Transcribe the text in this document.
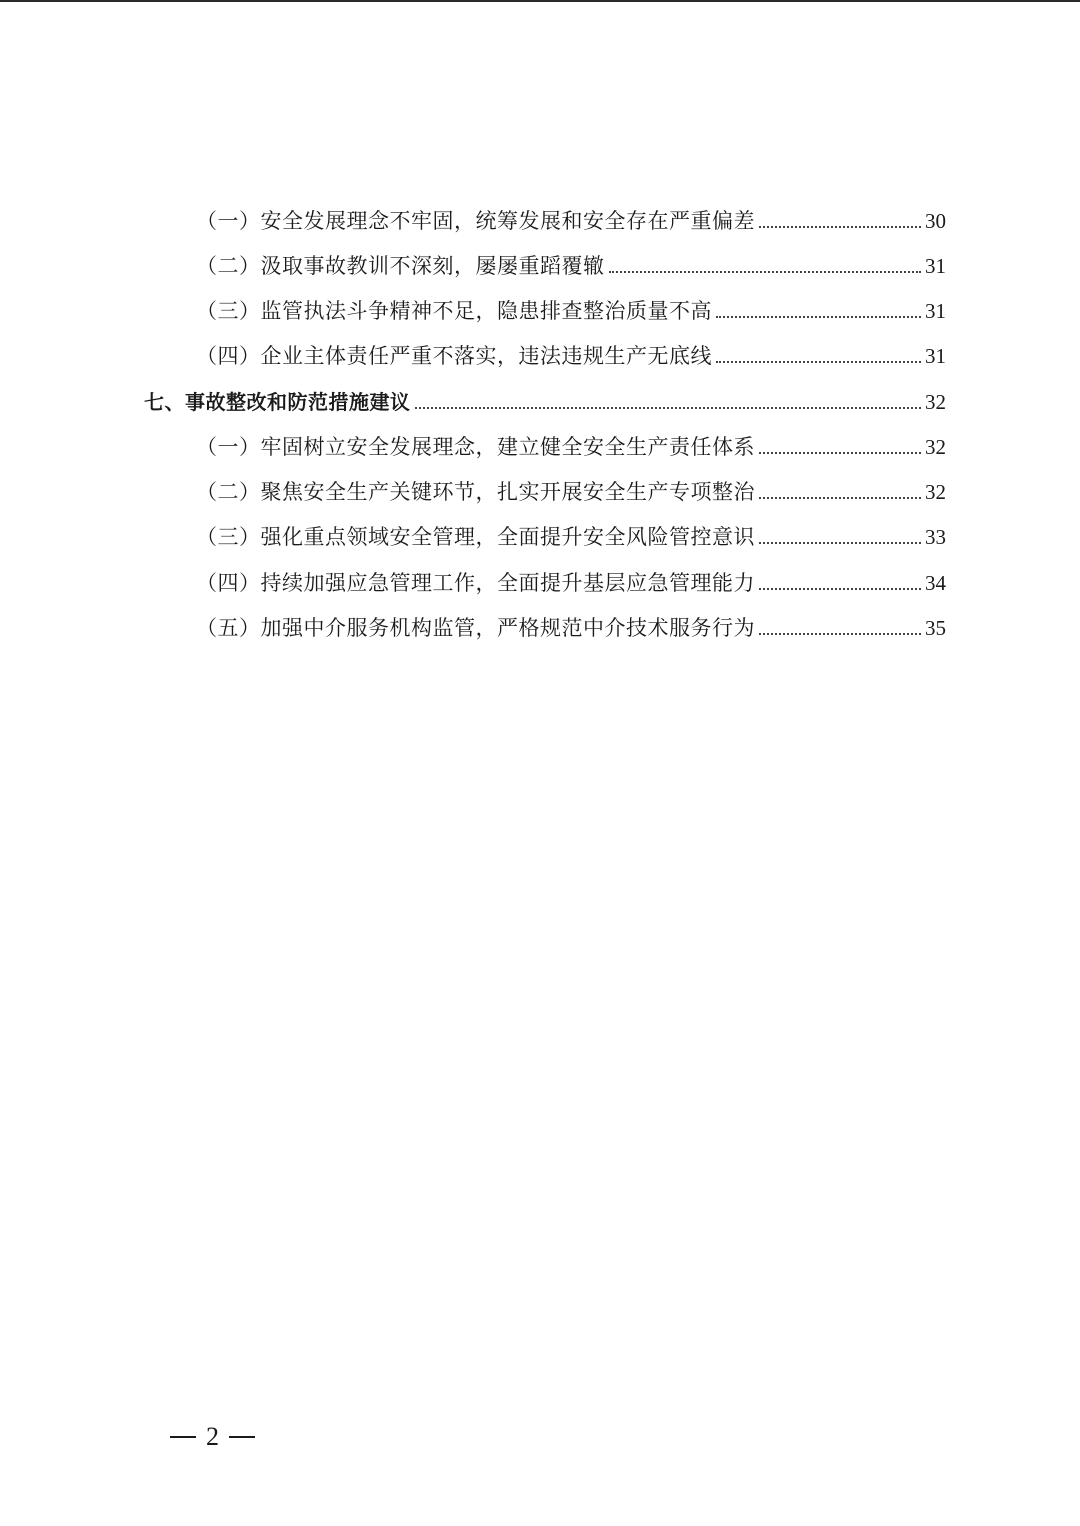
（一）安全发展理念不牢固，统筹发展和安全存在严重偏差	30
（二）汲取事故教训不深刻，屡屡重蹈覆辙	31
（三）监管执法斗争精神不足，隐患排查整治质量不高	31
（四）企业主体责任严重不落实，违法违规生产无底线	31
七、事故整改和防范措施建议	32
（一）牢固树立安全发展理念，建立健全安全生产责任体系	32
（二）聚焦安全生产关键环节，扎实开展安全生产专项整治	32
（三）强化重点领域安全管理，全面提升安全风险管控意识	33
（四）持续加强应急管理工作，全面提升基层应急管理能力	34
（五）加强中介服务机构监管，严格规范中介技术服务行为	35
2
